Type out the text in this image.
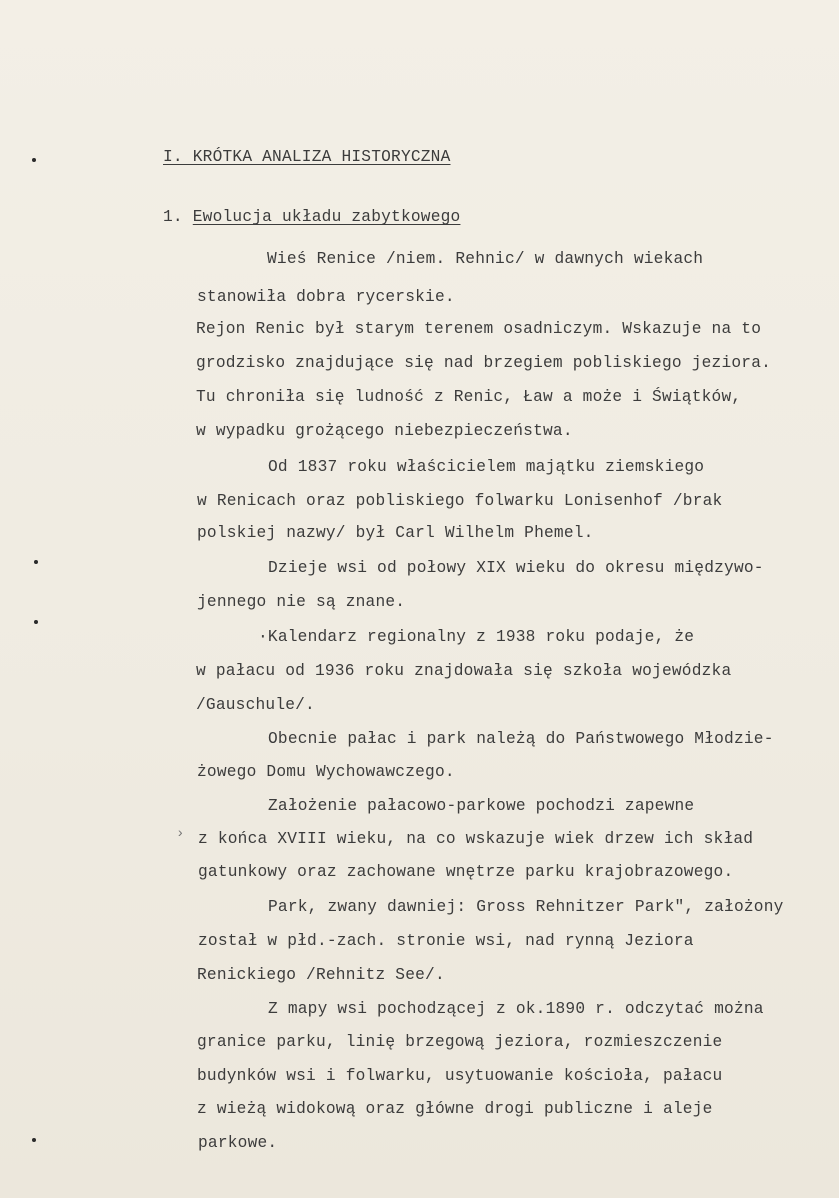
›
I. KRÓTKA ANALIZA HISTORYCZNA
1. Ewolucja układu zabytkowego
Wieś Renice /niem. Rehnic/ w dawnych wiekach
stanowiła dobra rycerskie.
Rejon Renic był starym terenem osadniczym. Wskazuje na to
grodzisko znajdujące się nad brzegiem pobliskiego jeziora.
Tu chroniła się ludność z Renic, Ław a może i Świątków,
w wypadku grożącego niebezpieczeństwa.
Od 1837 roku właścicielem majątku ziemskiego
w Renicach oraz pobliskiego folwarku Lonisenhof /brak
polskiej nazwy/ był Carl Wilhelm Phemel.
Dzieje wsi od połowy XIX wieku do okresu międzywo-
jennego nie są znane.
·Kalendarz regionalny z 1938 roku podaje, że
w pałacu od 1936 roku znajdowała się szkoła wojewódzka
/Gauschule/.
Obecnie pałac i park należą do Państwowego Młodzie-
żowego Domu Wychowawczego.
Założenie pałacowo-parkowe pochodzi zapewne
z końca XVIII wieku, na co wskazuje wiek drzew ich skład
gatunkowy oraz zachowane wnętrze parku krajobrazowego.
Park, zwany dawniej: Gross Rehnitzer Park", założony
został w płd.-zach. stronie wsi, nad rynną Jeziora
Renickiego /Rehnitz See/.
Z mapy wsi pochodzącej z ok.1890 r. odczytać można
granice parku, linię brzegową jeziora, rozmieszczenie
budynków wsi i folwarku, usytuowanie kościoła, pałacu
z wieżą widokową oraz główne drogi publiczne i aleje
parkowe.
